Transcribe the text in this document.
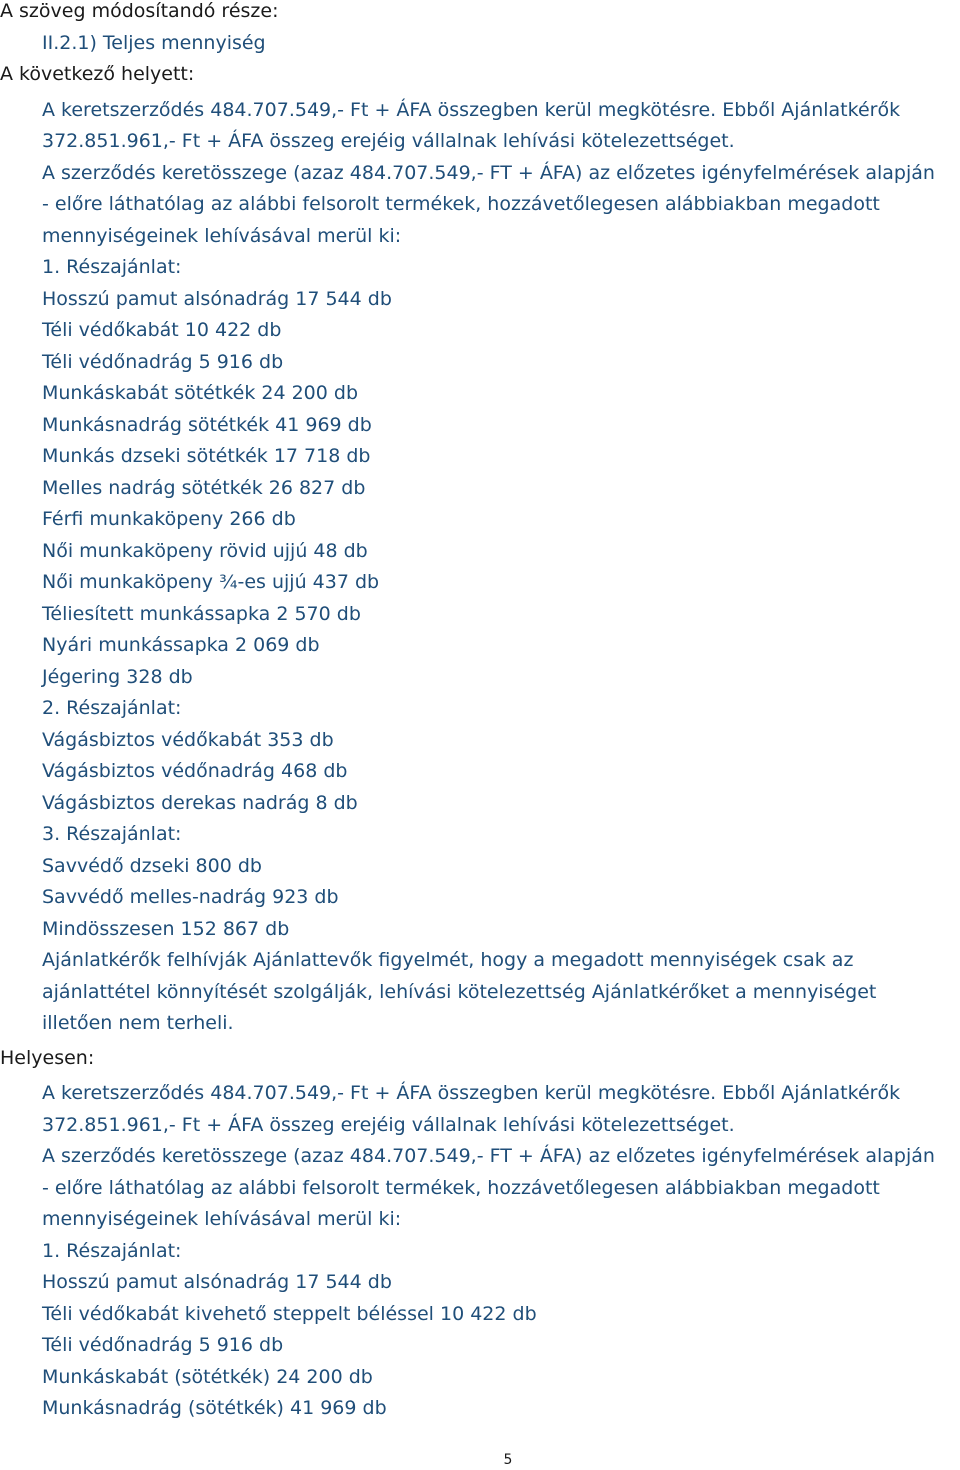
A szöveg módosítandó része:
II.2.1) Teljes mennyiség
A következő helyett:
A keretszerződés 484.707.549,- Ft + ÁFA összegben kerül megkötésre. Ebből Ajánlatkérők
372.851.961,- Ft + ÁFA összeg erejéig vállalnak lehívási kötelezettséget.
A szerződés keretösszege (azaz 484.707.549,- FT + ÁFA) az előzetes igényfelmérések alapján
- előre láthatólag az alábbi felsorolt termékek, hozzávetőlegesen alábbiakban megadott
mennyiségeinek lehívásával merül ki:
1. Részajánlat:
Hosszú pamut alsónadrág 17 544 db
Téli védőkabát 10 422 db
Téli védőnadrág 5 916 db
Munkáskabát sötétkék 24 200 db
Munkásnadrág sötétkék 41 969 db
Munkás dzseki sötétkék 17 718 db
Melles nadrág sötétkék 26 827 db
Férfi munkaköpeny 266 db
Női munkaköpeny rövid ujjú 48 db
Női munkaköpeny ¾-es ujjú 437 db
Téliesített munkássapka 2 570 db
Nyári munkássapka 2 069 db
Jégering 328 db
2. Részajánlat:
Vágásbiztos védőkabát 353 db
Vágásbiztos védőnadrág 468 db
Vágásbiztos derekas nadrág 8 db
3. Részajánlat:
Savvédő dzseki 800 db
Savvédő melles-nadrág 923 db
Mindösszesen 152 867 db
Ajánlatkérők felhívják Ajánlattevők figyelmét, hogy a megadott mennyiségek csak az
ajánlattétel könnyítését szolgálják, lehívási kötelezettség Ajánlatkérőket a mennyiséget
illetően nem terheli.
Helyesen:
A keretszerződés 484.707.549,- Ft + ÁFA összegben kerül megkötésre. Ebből Ajánlatkérők
372.851.961,- Ft + ÁFA összeg erejéig vállalnak lehívási kötelezettséget.
A szerződés keretösszege (azaz 484.707.549,- FT + ÁFA) az előzetes igényfelmérések alapján
- előre láthatólag az alábbi felsorolt termékek, hozzávetőlegesen alábbiakban megadott
mennyiségeinek lehívásával merül ki:
1. Részajánlat:
Hosszú pamut alsónadrág 17 544 db
Téli védőkabát kivehető steppelt béléssel 10 422 db
Téli védőnadrág 5 916 db
Munkáskabát (sötétkék) 24 200 db
Munkásnadrág (sötétkék) 41 969 db
5
